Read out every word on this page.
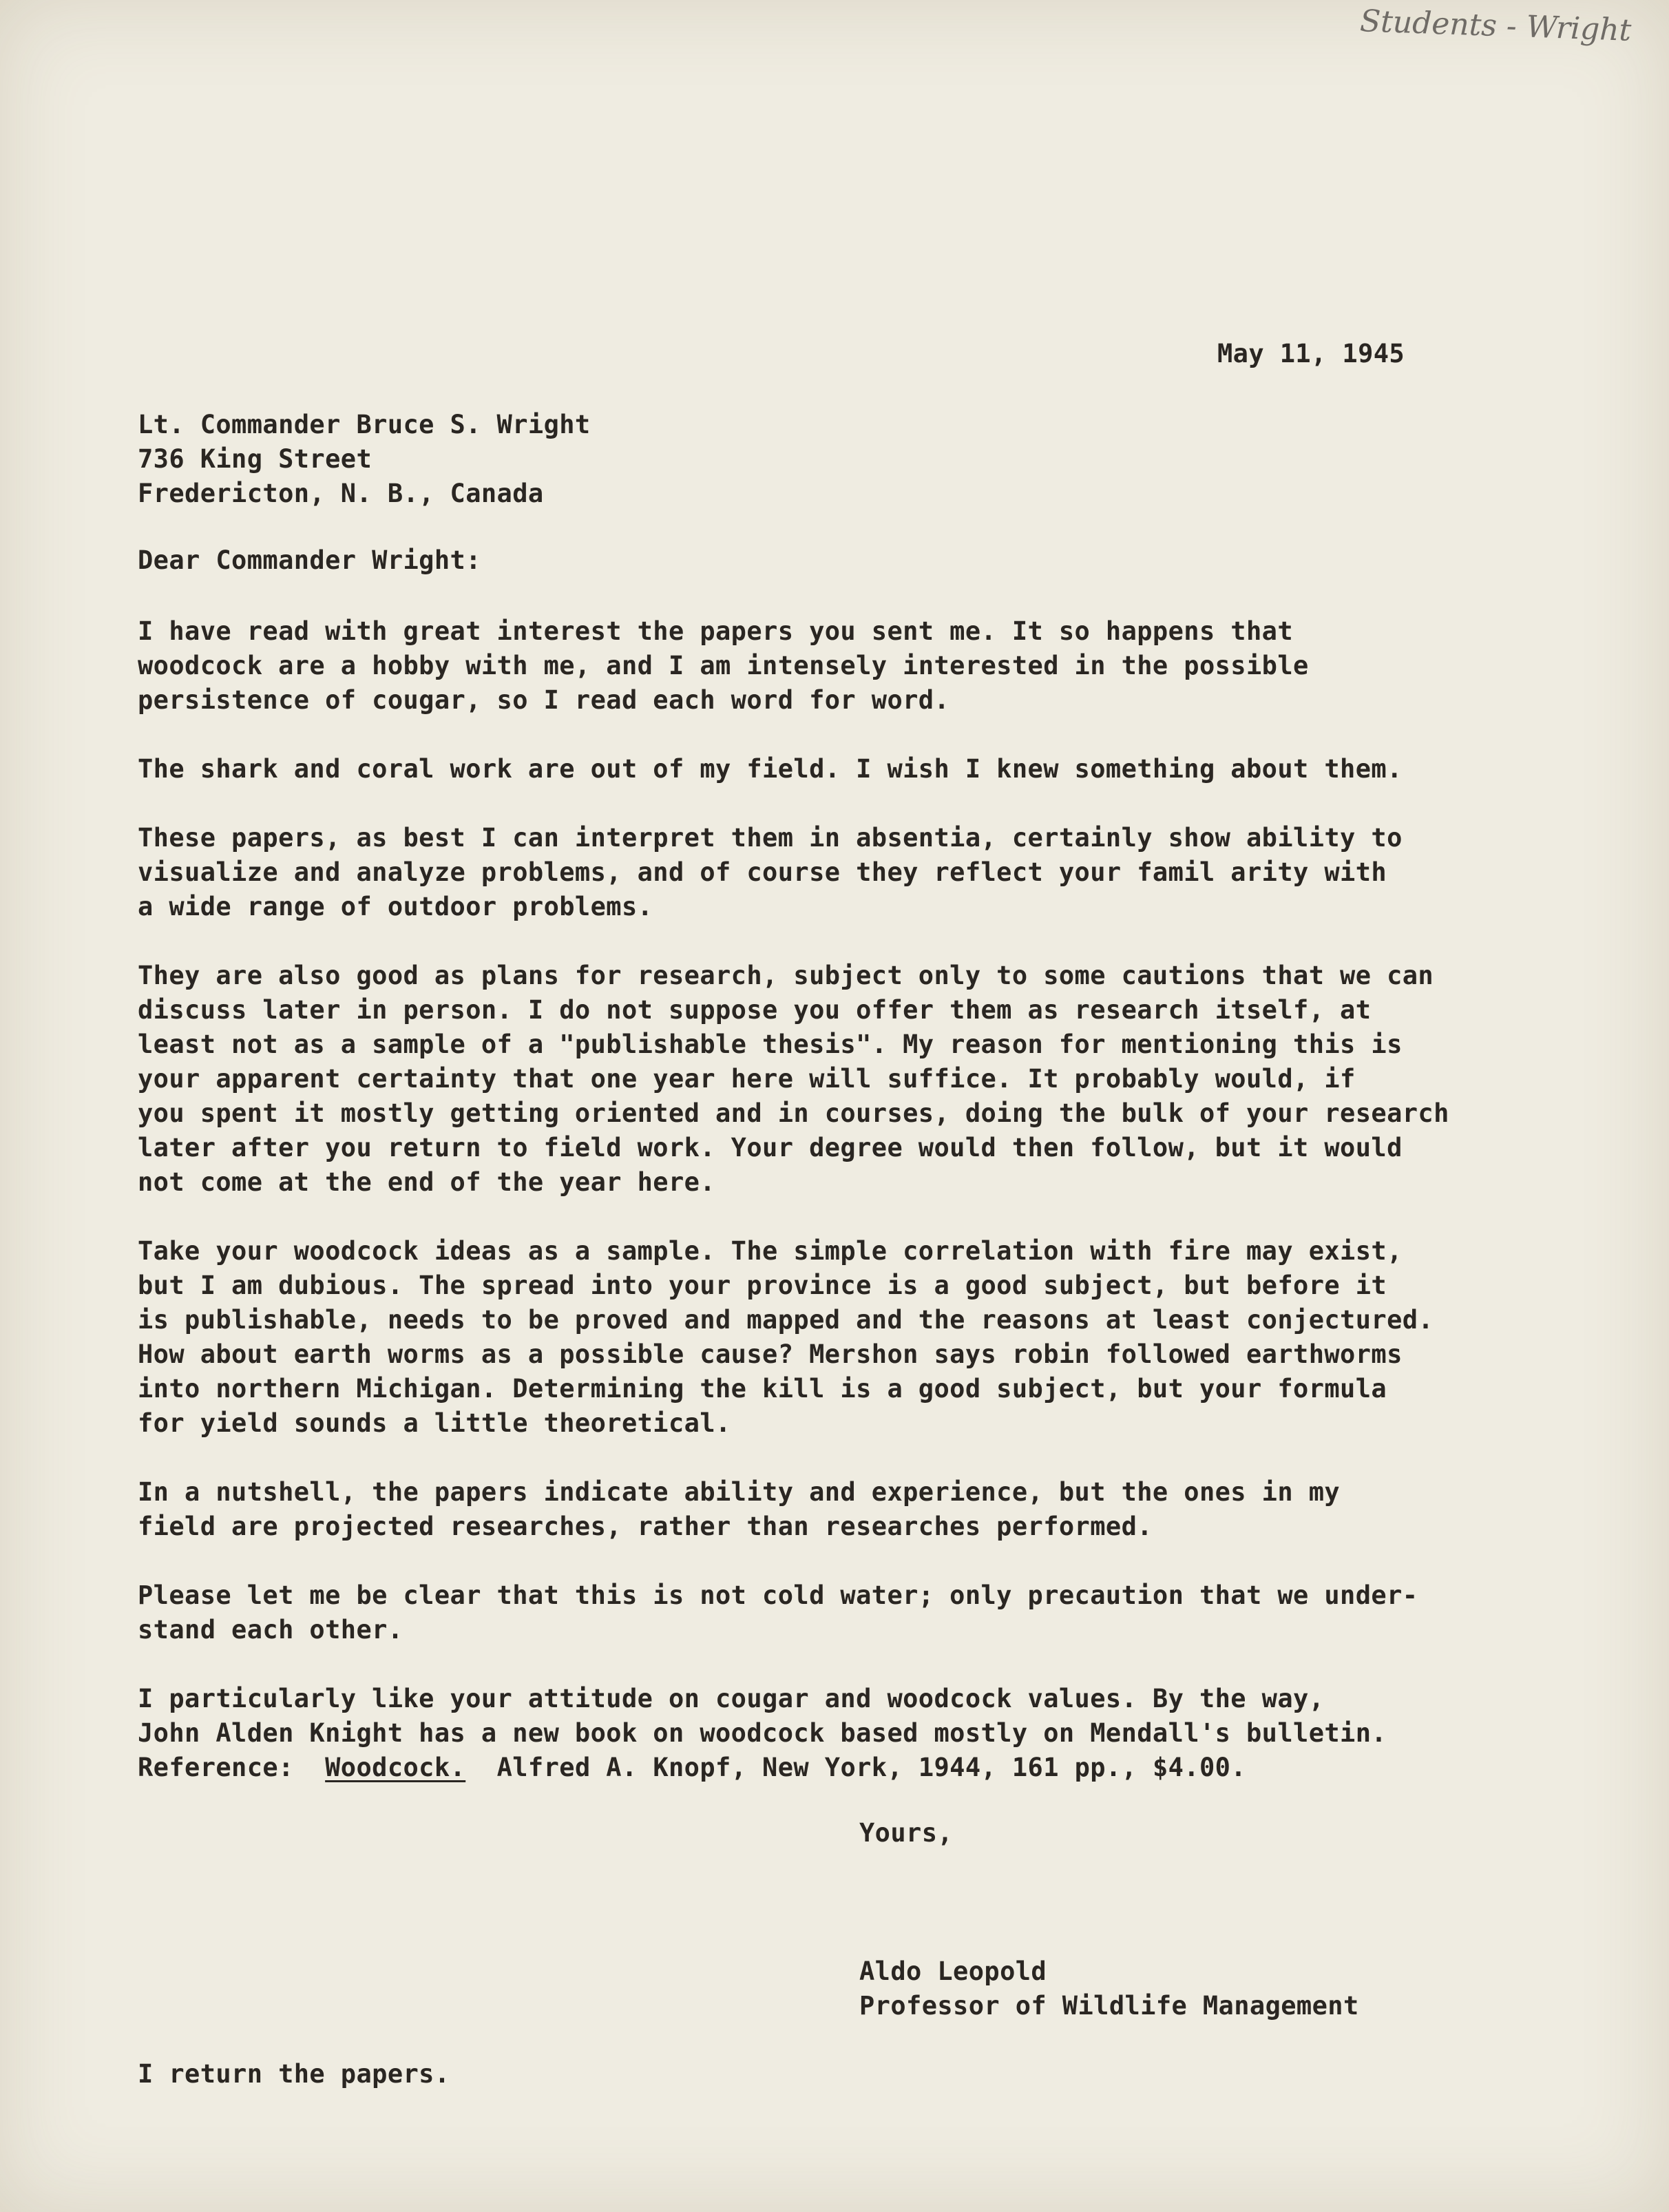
Students - Wright
May 11, 1945
Lt. Commander Bruce S. Wright
736 King Street
Fredericton, N. B., Canada
Dear Commander Wright:
I have read with great interest the papers you sent me. It so happens that
woodcock are a hobby with me, and I am intensely interested in the possible
persistence of cougar, so I read each word for word.
The shark and coral work are out of my field. I wish I knew something about them.
These papers, as best I can interpret them in absentia, certainly show ability to
visualize and analyze problems, and of course they reflect your famil arity with
a wide range of outdoor problems.
They are also good as plans for research, subject only to some cautions that we can
discuss later in person. I do not suppose you offer them as research itself, at
least not as a sample of a "publishable thesis". My reason for mentioning this is
your apparent certainty that one year here will suffice. It probably would, if
you spent it mostly getting oriented and in courses, doing the bulk of your research
later after you return to field work. Your degree would then follow, but it would
not come at the end of the year here.
Take your woodcock ideas as a sample. The simple correlation with fire may exist,
but I am dubious. The spread into your province is a good subject, but before it
is publishable, needs to be proved and mapped and the reasons at least conjectured.
How about earth worms as a possible cause? Mershon says robin followed earthworms
into northern Michigan. Determining the kill is a good subject, but your formula
for yield sounds a little theoretical.
In a nutshell, the papers indicate ability and experience, but the ones in my
field are projected researches, rather than researches performed.
Please let me be clear that this is not cold water; only precaution that we under-
stand each other.
I particularly like your attitude on cougar and woodcock values. By the way,
John Alden Knight has a new book on woodcock based mostly on Mendall's bulletin.
Reference:  Woodcock.  Alfred A. Knopf, New York, 1944, 161 pp., $4.00.
Yours,
Aldo Leopold
Professor of Wildlife Management
I return the papers.
